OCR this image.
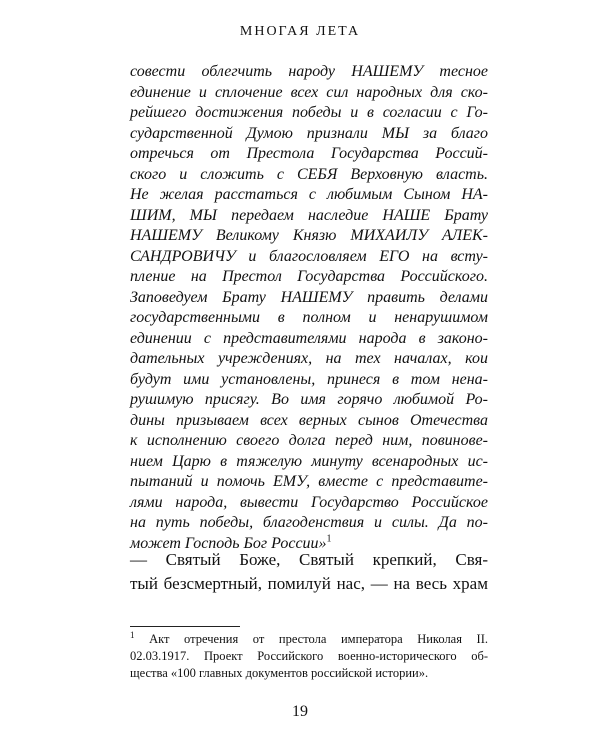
МНОГАЯ ЛЕТА
совести облегчить народу НАШЕМУ тесное
единение и сплочение всех сил народных для ско-
рейшего достижения победы и в согласии с Го-
сударственной Думою признали МЫ за благо
отречься от Престола Государства Россий-
ского и сложить с СЕБЯ Верховную власть.
Не желая расстаться с любимым Сыном НА-
ШИМ, МЫ передаем наследие НАШЕ Брату
НАШЕМУ Великому Князю МИХАИЛУ АЛЕК-
САНДРОВИЧУ и благословляем ЕГО на всту-
пление на Престол Государства Российского.
Заповедуем Брату НАШЕМУ править делами
государственными в полном и ненарушимом
единении с представителями народа в законо-
дательных учреждениях, на тех началах, кои
будут ими установлены, принеся в том нена-
рушимую присягу. Во имя горячо любимой Ро-
дины призываем всех верных сынов Отечества
к исполнению своего долга перед ним, повинове-
нием Царю в тяжелую минуту всенародных ис-
пытаний и помочь ЕМУ, вместе с представите-
лями народа, вывести Государство Российское
на путь победы, благоденствия и силы. Да по-
может Господь Бог России»$^1$
— Святый Боже, Святый крепкий, Свя-
тый безсмертный, помилуй нас, — на весь храм
$^1$ Акт отречения от престола императора Николая II.
02.03.1917. Проект Российского военно-исторического об-
щества «100 главных документов российской истории».
19
